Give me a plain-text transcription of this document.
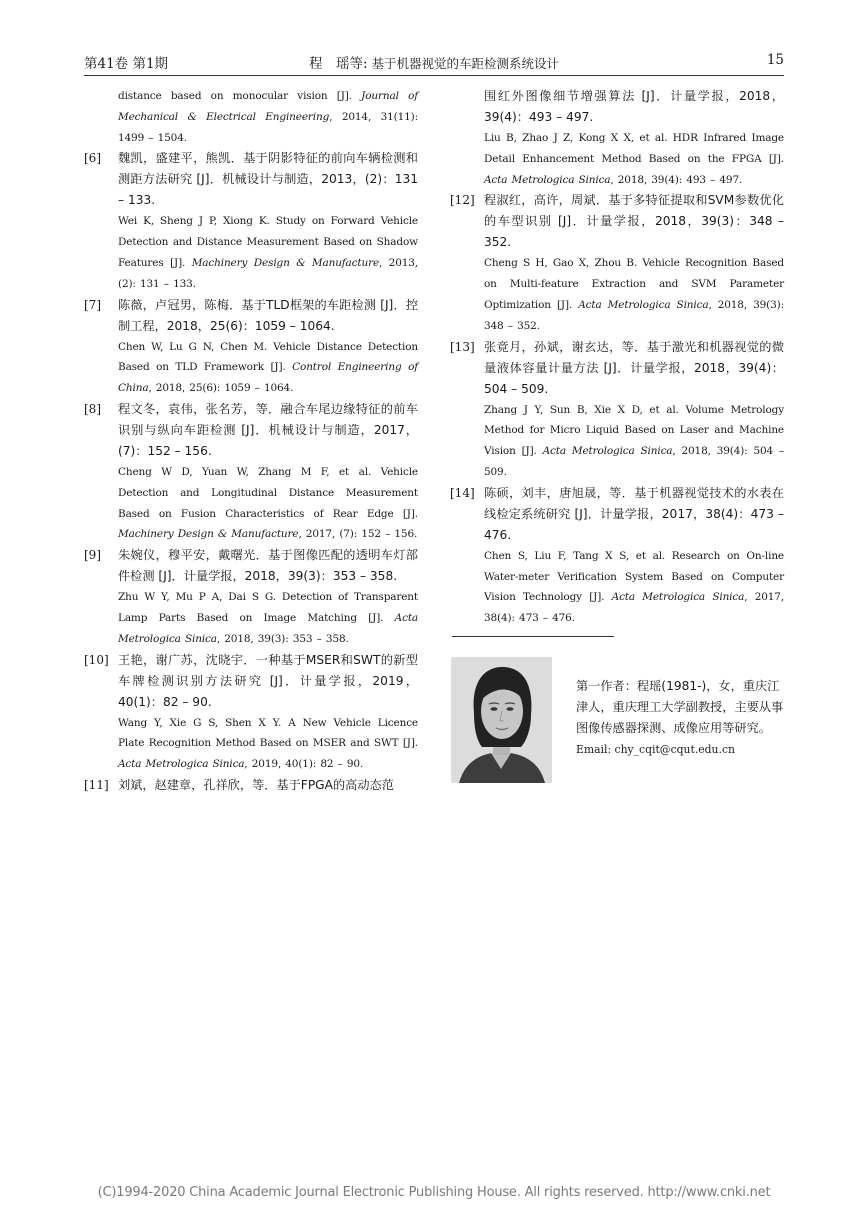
第41卷 第1期	程　瑶等: 基于机器视觉的车距检测系统设计	15

distance based on monocular vision [J]. Journal of Mechanical & Electrical Engineering, 2014, 31(11): 1499 – 1504.

[6] 魏凯，盛建平，熊凯．基于阴影特征的前向车辆检测和测距方法研究 [J]．机械设计与制造，2013，(2)：131 – 133.

Wei K, Sheng J P, Xiong K. Study on Forward Vehicle Detection and Distance Measurement Based on Shadow Features [J]. Machinery Design & Manufacture, 2013, (2): 131 – 133.

[7] 陈薇，卢冠男，陈梅．基于TLD框架的车距检测 [J]．控制工程，2018，25(6)：1059 – 1064.

Chen W, Lu G N, Chen M. Vehicle Distance Detection Based on TLD Framework [J]. Control Engineering of China, 2018, 25(6): 1059 – 1064.

[8] 程文冬，袁伟，张名芳，等．融合车尾边缘特征的前车识别与纵向车距检测 [J]．机械设计与制造，2017，(7)：152 – 156.

Cheng W D, Yuan W, Zhang M F, et al. Vehicle Detection and Longitudinal Distance Measurement Based on Fusion Characteristics of Rear Edge [J]. Machinery Design & Manufacture, 2017, (7): 152 – 156.

[9] 朱婉仪，穆平安，戴曙光．基于图像匹配的透明车灯部件检测 [J]．计量学报，2018，39(3)：353 – 358.

Zhu W Y, Mu P A, Dai S G. Detection of Transparent Lamp Parts Based on Image Matching [J]. Acta Metrologica Sinica, 2018, 39(3): 353 – 358.

[10] 王艳，谢广苏，沈晓宇．一种基于MSER和SWT的新型车牌检测识别方法研究 [J]．计量学报，2019，40(1)：82 – 90.

Wang Y, Xie G S, Shen X Y. A New Vehicle Licence Plate Recognition Method Based on MSER and SWT [J]. Acta Metrologica Sinica, 2019, 40(1): 82 – 90.

[11] 刘斌，赵建章，孔祥欣，等．基于FPGA的高动态范

围红外图像细节增强算法 [J]．计量学报，2018，39(4)：493 – 497.

Liu B, Zhao J Z, Kong X X, et al. HDR Infrared Image Detail Enhancement Method Based on the FPGA [J]. Acta Metrologica Sinica, 2018, 39(4): 493 – 497.

[12] 程淑红，高许，周斌．基于多特征提取和SVM参数优化的车型识别 [J]．计量学报，2018，39(3)：348 – 352.

Cheng S H, Gao X, Zhou B. Vehicle Recognition Based on Multi-feature Extraction and SVM Parameter Optimization [J]. Acta Metrologica Sinica, 2018, 39(3): 348 – 352.

[13] 张竟月，孙斌，谢玄达，等．基于激光和机器视觉的微量液体容量计量方法 [J]．计量学报，2018，39(4)：504 – 509.

Zhang J Y, Sun B, Xie X D, et al. Volume Metrology Method for Micro Liquid Based on Laser and Machine Vision [J]. Acta Metrologica Sinica, 2018, 39(4): 504 – 509.

[14] 陈硕，刘丰，唐旭晟，等．基于机器视觉技术的水表在线检定系统研究 [J]．计量学报，2017，38(4)：473 – 476.

Chen S, Liu F, Tang X S, et al. Research on On-line Water-meter Verification System Based on Computer Vision Technology [J]. Acta Metrologica Sinica, 2017, 38(4): 473 – 476.

第一作者：程瑶(1981-)，女，重庆江津人，重庆理工大学副教授，主要从事图像传感器探测、成像应用等研究。

Email: chy_cqit@cqut.edu.cn

(C)1994-2020 China Academic Journal Electronic Publishing House. All rights reserved. http://www.cnki.net
